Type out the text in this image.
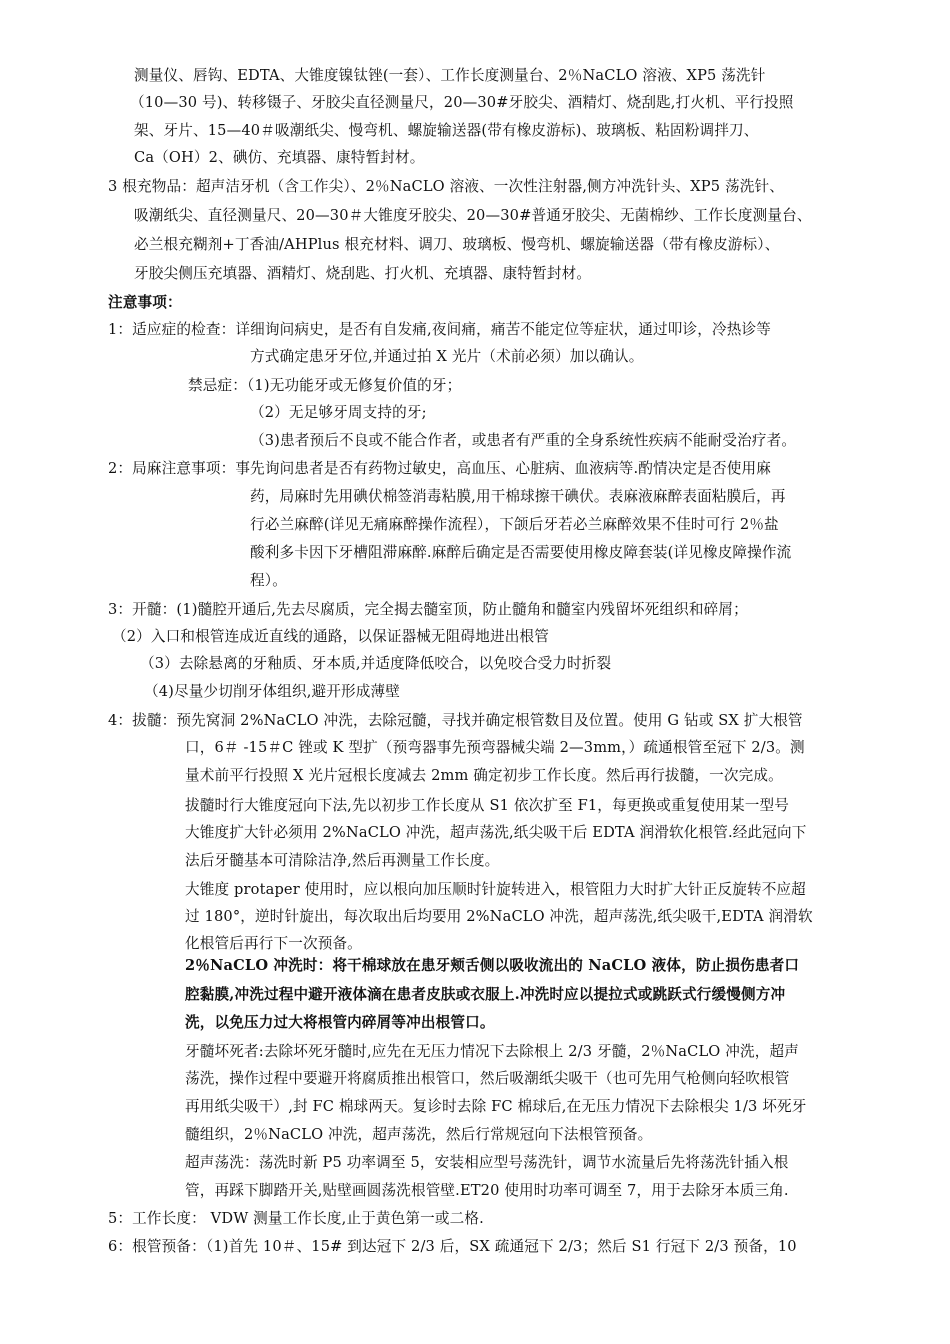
测量仪、唇钩、EDTA、大锥度镍钛锉(一套）、工作长度测量台、2％NaCLO 溶液、XP5 荡洗针
（10—30 号)、转移镊子、牙胶尖直径测量尺，20—30#牙胶尖、酒精灯、烧刮匙,打火机、平行投照
架、牙片、15—40＃吸潮纸尖、慢弯机、螺旋输送器(带有橡皮游标)、玻璃板、粘固粉调拌刀、
Ca（OH）2、碘仿、充填器、康特暂封材。
3 根充物品：超声洁牙机（含工作尖）、2％NaCLO 溶液、一次性注射器,侧方冲洗针头、XP5 荡洗针、
吸潮纸尖、直径测量尺、20—30＃大锥度牙胶尖、20—30#普通牙胶尖、无菌棉纱、工作长度测量台、
必兰根充糊剂+丁香油/AHPlus 根充材料、调刀、玻璃板、慢弯机、螺旋输送器（带有橡皮游标）、
牙胶尖侧压充填器、酒精灯、烧刮匙、打火机、充填器、康特暂封材。
注意事项：
1：适应症的检查：详细询问病史，是否有自发痛,夜间痛，痛苦不能定位等症状，通过叩诊，冷热诊等
方式确定患牙牙位,并通过拍 X 光片（术前必须）加以确认。
禁忌症：（1)无功能牙或无修复价值的牙；
（2）无足够牙周支持的牙;
（3)患者预后不良或不能合作者，或患者有严重的全身系统性疾病不能耐受治疗者。
2：局麻注意事项：事先询问患者是否有药物过敏史，高血压、心脏病、血液病等.酌情决定是否使用麻
药，局麻时先用碘伏棉签消毒粘膜,用干棉球擦干碘伏。表麻液麻醉表面粘膜后，再
行必兰麻醉(详见无痛麻醉操作流程），下颌后牙若必兰麻醉效果不佳时可行 2％盐
酸利多卡因下牙槽阻滞麻醉.麻醉后确定是否需要使用橡皮障套装(详见橡皮障操作流
程）。
3：开髓：(1)髓腔开通后,先去尽腐质，完全揭去髓室顶，防止髓角和髓室内残留坏死组织和碎屑；
（2）入口和根管连成近直线的通路，以保证器械无阻碍地进出根管
（3）去除悬离的牙釉质、牙本质,并适度降低咬合，以免咬合受力时折裂
（4)尽量少切削牙体组织,避开形成薄壁
4：拔髓：预先窝洞 2%NaCLO 冲洗，去除冠髓，寻找并确定根管数目及位置。使用 G 钻或 SX 扩大根管
口，6＃ -15＃C 锉或 K 型扩（预弯器事先预弯器械尖端 2—3mm，）疏通根管至冠下 2/3。测
量术前平行投照 X 光片冠根长度减去 2mm 确定初步工作长度。然后再行拔髓，一次完成。
拔髓时行大锥度冠向下法,先以初步工作长度从 S1 依次扩至 F1，每更换或重复使用某一型号
大锥度扩大针必须用 2%NaCLO 冲洗，超声荡洗,纸尖吸干后 EDTA 润滑软化根管.经此冠向下
法后牙髓基本可清除洁净,然后再测量工作长度。
大锥度 protaper 使用时，应以根向加压顺时针旋转进入，根管阻力大时扩大针正反旋转不应超
过 180°，逆时针旋出，每次取出后均要用 2%NaCLO 冲洗，超声荡洗,纸尖吸干,EDTA 润滑软
化根管后再行下一次预备。
2％NaCLO 冲洗时：将干棉球放在患牙颊舌侧以吸收流出的 NaCLO 液体，防止损伤患者口
腔黏膜,冲洗过程中避开液体滴在患者皮肤或衣服上.冲洗时应以提拉式或跳跃式行缓慢侧方冲
洗，以免压力过大将根管内碎屑等冲出根管口。
牙髓坏死者:去除坏死牙髓时,应先在无压力情况下去除根上 2/3 牙髓，2％NaCLO 冲洗，超声
荡洗，操作过程中要避开将腐质推出根管口，然后吸潮纸尖吸干（也可先用气枪侧向轻吹根管
再用纸尖吸干）,封 FC 棉球两天。复诊时去除 FC 棉球后,在无压力情况下去除根尖 1/3 坏死牙
髓组织，2％NaCLO 冲洗，超声荡洗，然后行常规冠向下法根管预备。
超声荡洗：荡洗时新 P5 功率调至 5，安装相应型号荡洗针，调节水流量后先将荡洗针插入根
管，再踩下脚踏开关,贴壁画圆荡洗根管壁.ET20 使用时功率可调至 7，用于去除牙本质三角.
5：工作长度： VDW 测量工作长度,止于黄色第一或二格.
6：根管预备：（1)首先 10＃、15# 到达冠下 2/3 后，SX 疏通冠下 2/3；然后 S1 行冠下 2/3 预备，10
